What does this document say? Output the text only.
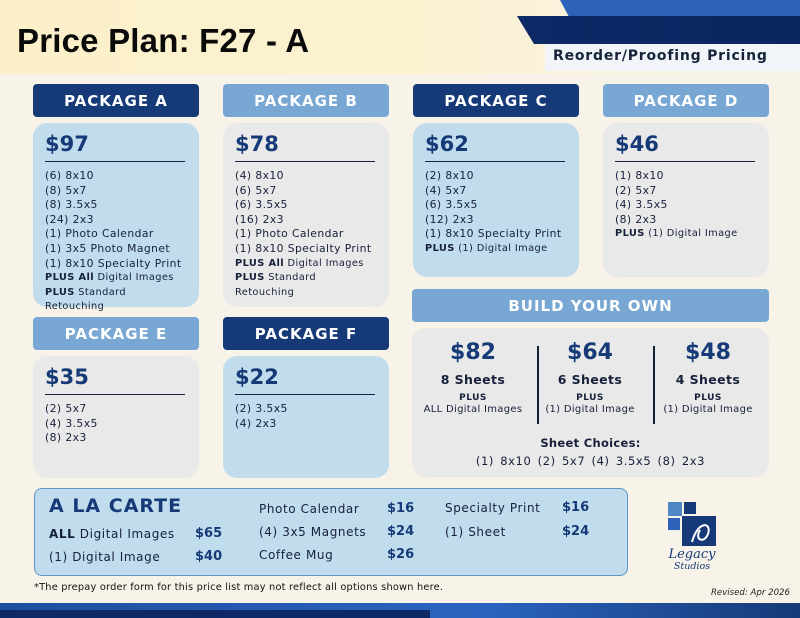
Price Plan: F27 - A	Reorder/Proofing Pricing
PACKAGE A
$97
(6) 8x10
(8) 5x7
(8) 3.5x5
(24) 2x3
(1) Photo Calendar
(1) 3x5 Photo Magnet
(1) 8x10 Specialty Print
PLUS All Digital Images
PLUS Standard Retouching
PACKAGE B
$78
(4) 8x10
(6) 5x7
(6) 3.5x5
(16) 2x3
(1) Photo Calendar
(1) 8x10 Specialty Print
PLUS All Digital Images
PLUS Standard Retouching
PACKAGE C
$62
(2) 8x10
(4) 5x7
(6) 3.5x5
(12) 2x3
(1) 8x10 Specialty Print
PLUS (1) Digital Image
PACKAGE D
$46
(1) 8x10
(2) 5x7
(4) 3.5x5
(8) 2x3
PLUS (1) Digital Image
PACKAGE E
$35
(2) 5x7
(4) 3.5x5
(8) 2x3
PACKAGE F
$22
(2) 3.5x5
(4) 2x3
BUILD YOUR OWN
$82
8 Sheets
PLUS
ALL Digital Images
$64
6 Sheets
PLUS
(1) Digital Image
$48
4 Sheets
PLUS
(1) Digital Image
Sheet Choices:
(1) 8x10 (2) 5x7 (4) 3.5x5 (8) 2x3
A LA CARTE
ALL Digital Images $65
(1) Digital Image	$40
Photo Calendar $16
(4) 3x5 Magnets $24
Coffee Mug	$26
Specialty Print $16
(1) Sheet	$24
Legacy
Studios
*The prepay order form for this price list may not reflect all options shown here.	Revised: Apr 2026
